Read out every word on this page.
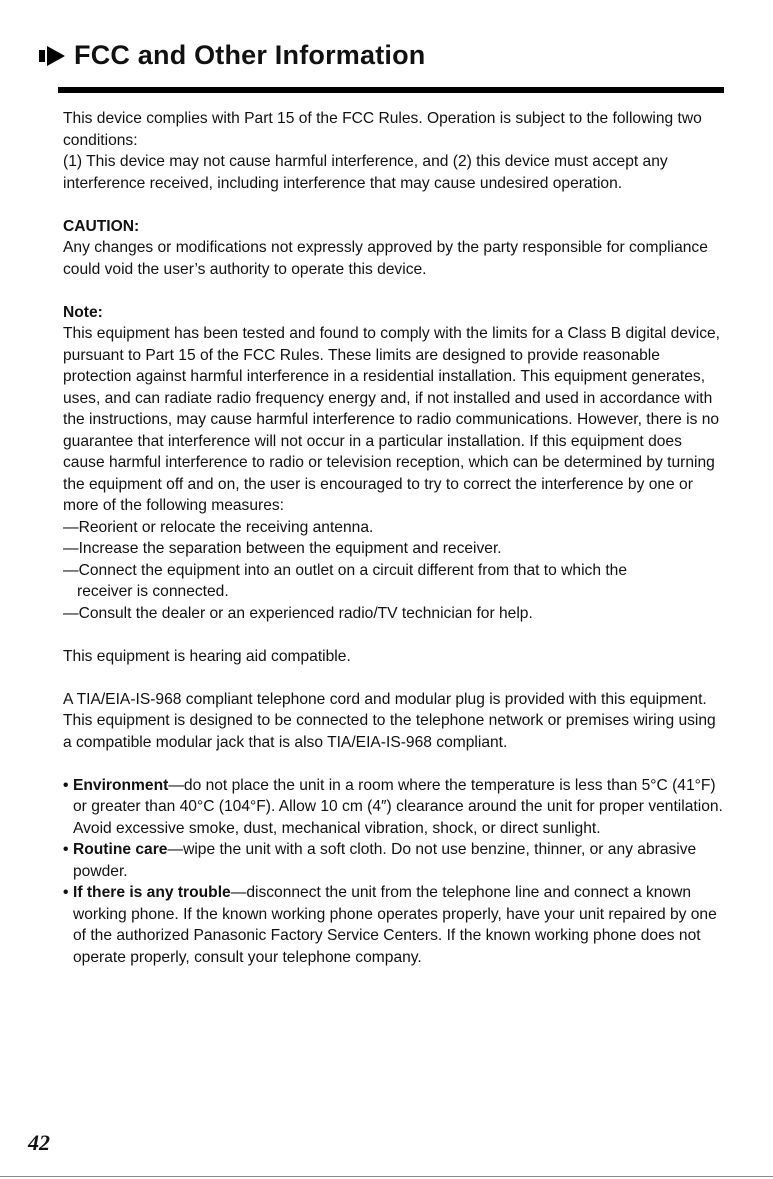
FCC and Other Information

This device complies with Part 15 of the FCC Rules. Operation is subject to the following two conditions:
(1) This device may not cause harmful interference, and (2) this device must accept any interference received, including interference that may cause undesired operation.

CAUTION:
Any changes or modifications not expressly approved by the party responsible for compliance could void the user’s authority to operate this device.

Note:
This equipment has been tested and found to comply with the limits for a Class B digital device, pursuant to Part 15 of the FCC Rules. These limits are designed to provide reasonable protection against harmful interference in a residential installation. This equipment generates, uses, and can radiate radio frequency energy and, if not installed and used in accordance with the instructions, may cause harmful interference to radio communications. However, there is no guarantee that interference will not occur in a particular installation. If this equipment does cause harmful interference to radio or television reception, which can be determined by turning the equipment off and on, the user is encouraged to try to correct the interference by one or more of the following measures:
—Reorient or relocate the receiving antenna.
—Increase the separation between the equipment and receiver.
—Connect the equipment into an outlet on a circuit different from that to which the
receiver is connected.
—Consult the dealer or an experienced radio/TV technician for help.

This equipment is hearing aid compatible.

A TIA/EIA-IS-968 compliant telephone cord and modular plug is provided with this equipment. This equipment is designed to be connected to the telephone network or premises wiring using a compatible modular jack that is also TIA/EIA-IS-968 compliant.

• Environment—do not place the unit in a room where the temperature is less than 5°C (41°F) or greater than 40°C (104°F). Allow 10 cm (4″) clearance around the unit for proper ventilation. Avoid excessive smoke, dust, mechanical vibration, shock, or direct sunlight.
• Routine care—wipe the unit with a soft cloth. Do not use benzine, thinner, or any abrasive powder.
• If there is any trouble—disconnect the unit from the telephone line and connect a known working phone. If the known working phone operates properly, have your unit repaired by one of the authorized Panasonic Factory Service Centers. If the known working phone does not operate properly, consult your telephone company.
42
